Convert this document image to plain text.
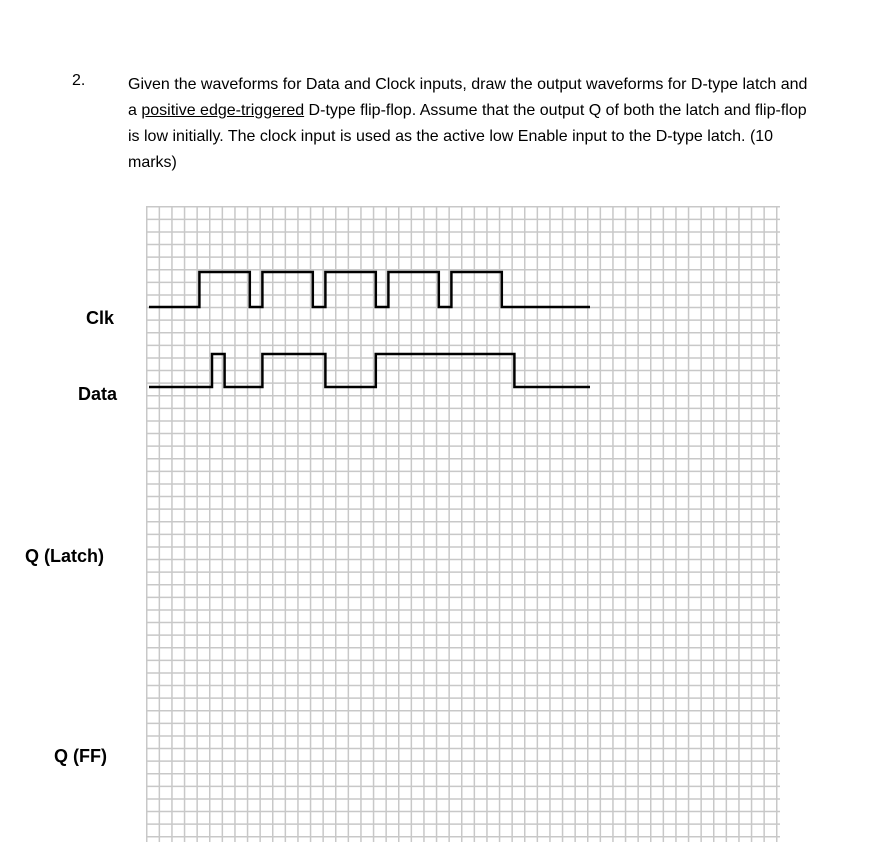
2.	Given the waveforms for Data and Clock inputs, draw the output waveforms for D-type latch and a positive edge-triggered D-type flip-flop. Assume that the output Q of both the latch and flip-flop is low initially. The clock input is used as the active low Enable input to the D-type latch. (10 marks)
Clk
Data
Q (Latch)
Q (FF)
